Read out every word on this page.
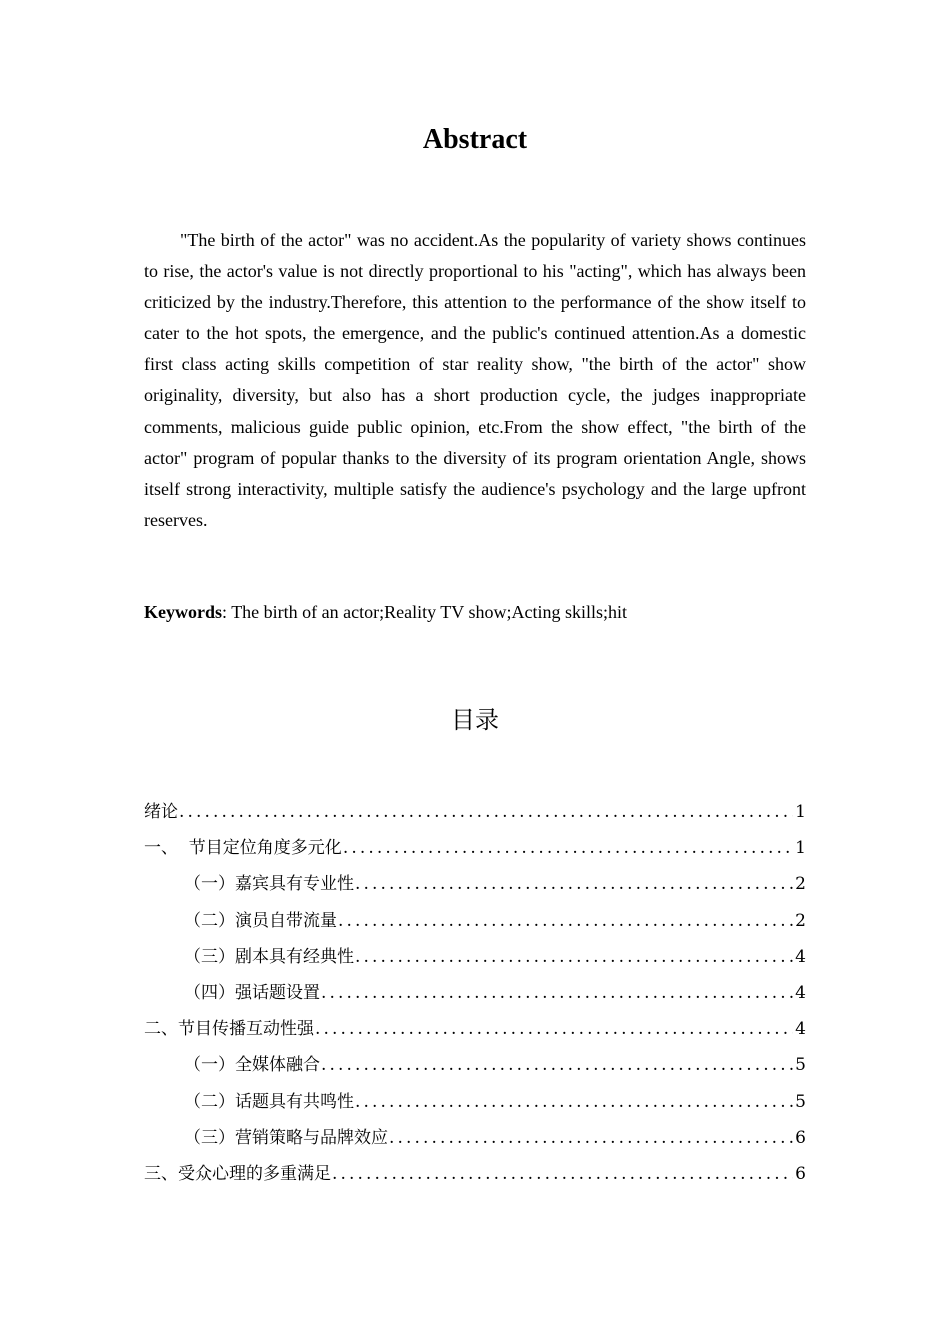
Abstract

"The birth of the actor" was no accident.As the popularity of variety shows continues to rise, the actor's value is not directly proportional to his "acting", which has always been criticized by the industry.Therefore, this attention to the performance of the show itself to cater to the hot spots, the emergence, and the public's continued attention.As a domestic first class acting skills competition of star reality show, "the birth of the actor" show originality, diversity, but also has a short production cycle, the judges inappropriate comments, malicious guide public opinion, etc.From the show effect, "the birth of the actor" program of popular thanks to the diversity of its program orientation Angle, shows itself strong interactivity, multiple satisfy the audience's psychology and the large upfront reserves.

Keywords: The birth of an actor;Reality TV show;Acting skills;hit
目录
绪论 .....	1
一、  节目定位角度多元化 .....	1
（一）嘉宾具有专业性 .....	2
（二）演员自带流量 .....	2
（三）剧本具有经典性 .....	4
（四）强话题设置 .....	4
二、节目传播互动性强 .....	4
（一）全媒体融合 .....	5
（二）话题具有共鸣性 .....	5
（三）营销策略与品牌效应 .....	6
三、受众心理的多重满足 .....	6
